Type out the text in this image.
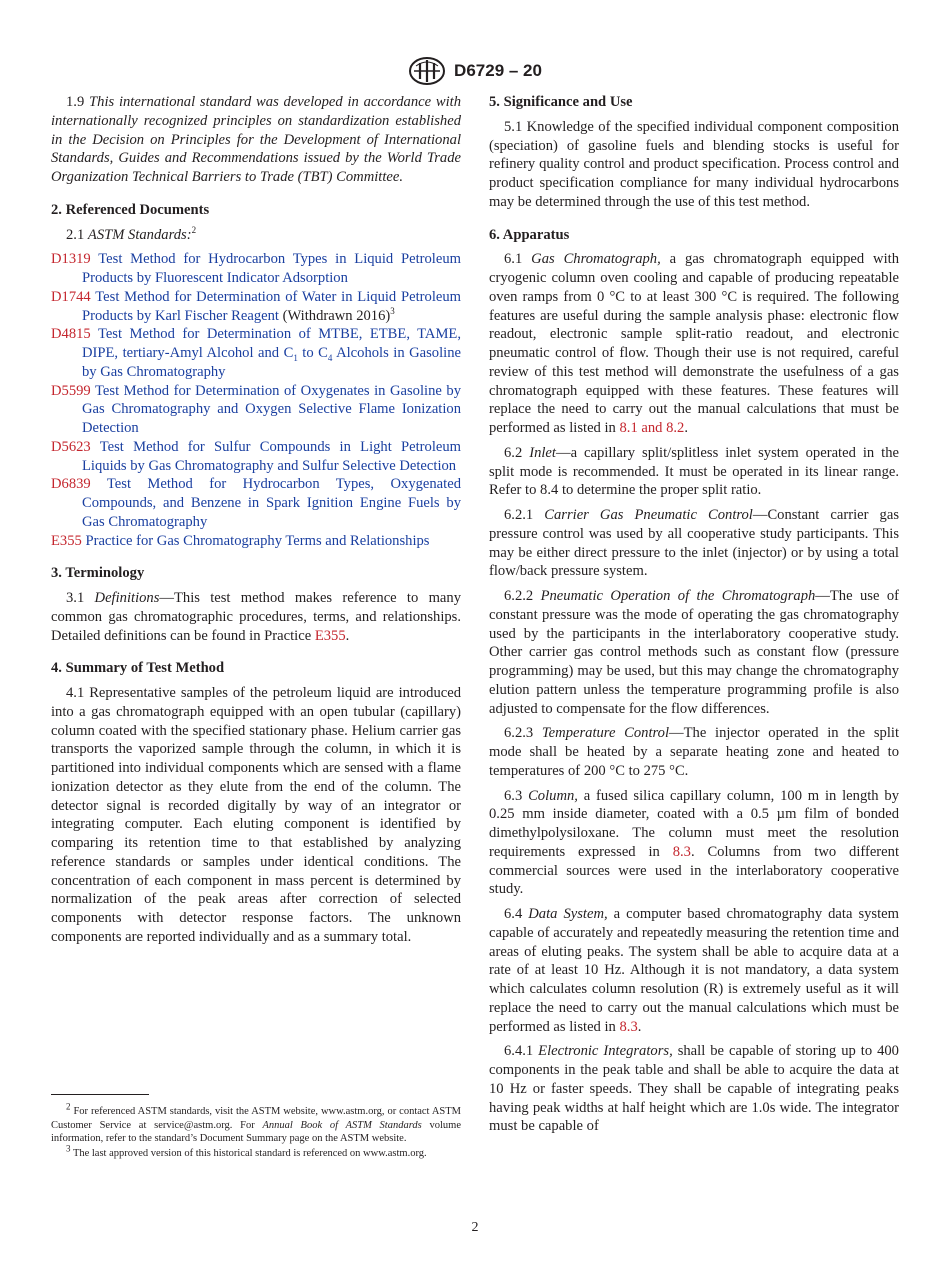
D6729 – 20

1.9 This international standard was developed in accordance with internationally recognized principles on standardization established in the Decision on Principles for the Development of International Standards, Guides and Recommendations issued by the World Trade Organization Technical Barriers to Trade (TBT) Committee.

2. Referenced Documents

2.1 ASTM Standards:$^2$

D1319 Test Method for Hydrocarbon Types in Liquid Petroleum Products by Fluorescent Indicator Adsorption
D1744 Test Method for Determination of Water in Liquid Petroleum Products by Karl Fischer Reagent (Withdrawn 2016)$^3$
D4815 Test Method for Determination of MTBE, ETBE, TAME, DIPE, tertiary-Amyl Alcohol and $C_1$ to $C_4$ Alcohols in Gasoline by Gas Chromatography
D5599 Test Method for Determination of Oxygenates in Gasoline by Gas Chromatography and Oxygen Selective Flame Ionization Detection
D5623 Test Method for Sulfur Compounds in Light Petroleum Liquids by Gas Chromatography and Sulfur Selective Detection
D6839 Test Method for Hydrocarbon Types, Oxygenated Compounds, and Benzene in Spark Ignition Engine Fuels by Gas Chromatography
E355 Practice for Gas Chromatography Terms and Relationships
3. Terminology

3.1 Definitions—This test method makes reference to many common gas chromatographic procedures, terms, and relationships. Detailed definitions can be found in Practice E355.

4. Summary of Test Method

4.1 Representative samples of the petroleum liquid are introduced into a gas chromatograph equipped with an open tubular (capillary) column coated with the specified stationary phase. Helium carrier gas transports the vaporized sample through the column, in which it is partitioned into individual components which are sensed with a flame ionization detector as they elute from the end of the column. The detector signal is recorded digitally by way of an integrator or integrating computer. Each eluting component is identified by comparing its retention time to that established by analyzing reference standards or samples under identical conditions. The concentration of each component in mass percent is determined by normalization of the peak areas after correction of selected components with detector response factors. The unknown components are reported individually and as a summary total.

$^2$ For referenced ASTM standards, visit the ASTM website, www.astm.org, or contact ASTM Customer Service at service@astm.org. For Annual Book of ASTM Standards volume information, refer to the standard’s Document Summary page on the ASTM website.

$^3$ The last approved version of this historical standard is referenced on www.astm.org.

5. Significance and Use

5.1 Knowledge of the specified individual component composition (speciation) of gasoline fuels and blending stocks is useful for refinery quality control and product specification. Process control and product specification compliance for many individual hydrocarbons may be determined through the use of this test method.

6. Apparatus

6.1 Gas Chromatograph, a gas chromatograph equipped with cryogenic column oven cooling and capable of producing repeatable oven ramps from 0 °C to at least 300 °C is required. The following features are useful during the sample analysis phase: electronic flow readout, electronic sample split-ratio readout, and electronic pneumatic control of flow. Though their use is not required, careful review of this test method will demonstrate the usefulness of a gas chromatograph equipped with these features. These features will replace the need to carry out the manual calculations that must be performed as listed in 8.1 and 8.2.

6.2 Inlet—a capillary split/splitless inlet system operated in the split mode is recommended. It must be operated in its linear range. Refer to 8.4 to determine the proper split ratio.

6.2.1 Carrier Gas Pneumatic Control—Constant carrier gas pressure control was used by all cooperative study participants. This may be either direct pressure to the inlet (injector) or by using a total flow/back pressure system.

6.2.2 Pneumatic Operation of the Chromatograph—The use of constant pressure was the mode of operating the gas chromatography used by the participants in the interlaboratory cooperative study. Other carrier gas control methods such as constant flow (pressure programming) may be used, but this may change the chromatography elution pattern unless the temperature programming profile is also adjusted to compensate for the flow differences.

6.2.3 Temperature Control—The injector operated in the split mode shall be heated by a separate heating zone and heated to temperatures of 200 °C to 275 °C.

6.3 Column, a fused silica capillary column, 100 m in length by 0.25 mm inside diameter, coated with a 0.5 µm film of bonded dimethylpolysiloxane. The column must meet the resolution requirements expressed in 8.3. Columns from two different commercial sources were used in the interlaboratory cooperative study.

6.4 Data System, a computer based chromatography data system capable of accurately and repeatedly measuring the retention time and areas of eluting peaks. The system shall be able to acquire data at a rate of at least 10 Hz. Although it is not mandatory, a data system which calculates column resolution (R) is extremely useful as it will replace the need to carry out the manual calculations which must be performed as listed in 8.3.

6.4.1 Electronic Integrators, shall be capable of storing up to 400 components in the peak table and shall be able to acquire the data at 10 Hz or faster speeds. They shall be capable of integrating peaks having peak widths at half height which are 1.0s wide. The integrator must be capable of

2
